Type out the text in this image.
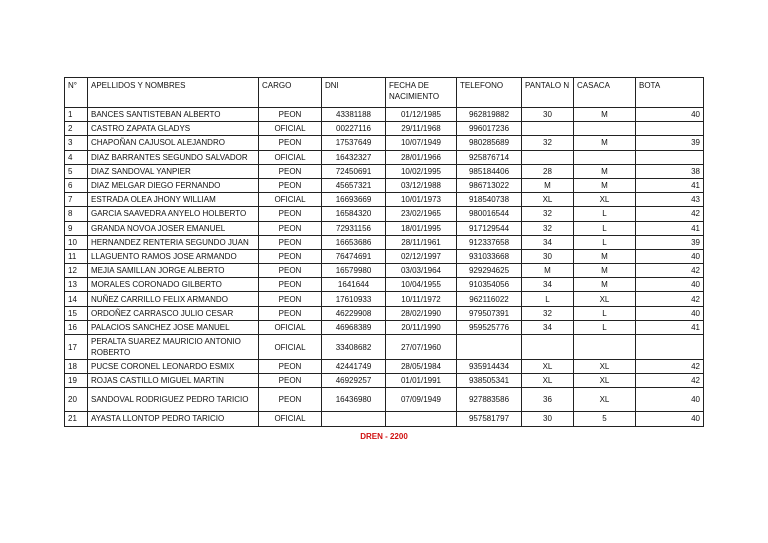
N°	APELLIDOS Y NOMBRES	CARGO	DNI	FECHA DE NACIMIENTO	TELEFONO	PANTALO N	CASACA	BOTA
1	BANCES SANTISTEBAN ALBERTO	PEON	43381188	01/12/1985	962819882	30	M	40
2	CASTRO ZAPATA GLADYS	OFICIAL	00227116	29/11/1968	996017236			
3	CHAPOÑAN CAJUSOL ALEJANDRO	PEON	17537649	10/07/1949	980285689	32	M	39
4	DIAZ BARRANTES SEGUNDO SALVADOR	OFICIAL	16432327	28/01/1966	925876714			
5	DIAZ SANDOVAL YANPIER	PEON	72450691	10/02/1995	985184406	28	M	38
6	DIAZ MELGAR DIEGO FERNANDO	PEON	45657321	03/12/1988	986713022	M	M	41
7	ESTRADA OLEA JHONY WILLIAM	OFICIAL	16693669	10/01/1973	918540738	XL	XL	43
8	GARCIA SAAVEDRA ANYELO HOLBERTO	PEON	16584320	23/02/1965	980016544	32	L	42
9	GRANDA NOVOA JOSER EMANUEL	PEON	72931156	18/01/1995	917129544	32	L	41
10	HERNANDEZ RENTERIA SEGUNDO JUAN	PEON	16653686	28/11/1961	912337658	34	L	39
11	LLAGUENTO RAMOS JOSE ARMANDO	PEON	76474691	02/12/1997	931033668	30	M	40
12	MEJIA SAMILLAN JORGE ALBERTO	PEON	16579980	03/03/1964	929294625	M	M	42
13	MORALES CORONADO GILBERTO	PEON	1641644	10/04/1955	910354056	34	M	40
14	NUÑEZ CARRILLO FELIX ARMANDO	PEON	17610933	10/11/1972	962116022	L	XL	42
15	ORDOÑEZ CARRASCO JULIO CESAR	PEON	46229908	28/02/1990	979507391	32	L	40
16	PALACIOS SANCHEZ JOSE MANUEL	OFICIAL	46968389	20/11/1990	959525776	34	L	41
17	PERALTA SUAREZ MAURICIO ANTONIO ROBERTO	OFICIAL	33408682	27/07/1960				
18	PUCSE CORONEL LEONARDO ESMIX	PEON	42441749	28/05/1984	935914434	XL	XL	42
19	ROJAS CASTILLO MIGUEL MARTIN	PEON	46929257	01/01/1991	938505341	XL	XL	42
20	SANDOVAL RODRIGUEZ PEDRO TARICIO	PEON	16436980	07/09/1949	927883586	36	XL	40
21	AYASTA LLONTOP PEDRO TARICIO	OFICIAL			957581797	30	5	40
DREN - 2200
